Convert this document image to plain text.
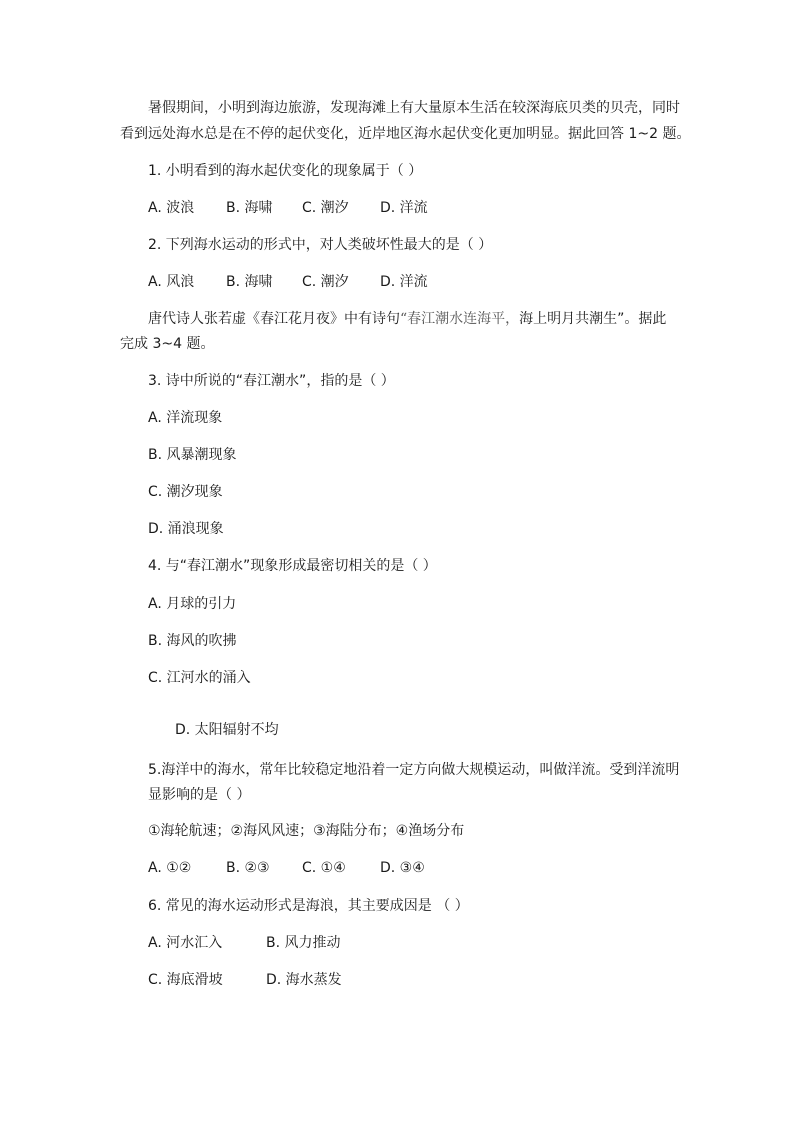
暑假期间，小明到海边旅游，发现海滩上有大量原本生活在较深海底贝类的贝壳，同时
看到远处海水总是在不停的起伏变化，近岸地区海水起伏变化更加明显。据此回答 1~2 题。
1. 小明看到的海水起伏变化的现象属于（ ）
A. 波浪 B. 海啸 C. 潮汐 D. 洋流
2. 下列海水运动的形式中，对人类破坏性最大的是（ ）
A. 风浪 B. 海啸 C. 潮汐 D. 洋流
唐代诗人张若虚《春江花月夜》中有诗句“春江潮水连海平，海上明月共潮生”。据此
完成 3~4 题。
3. 诗中所说的“春江潮水”，指的是（ ）
A. 洋流现象
B. 风暴潮现象
C. 潮汐现象
D. 涌浪现象
4. 与“春江潮水”现象形成最密切相关的是（ ）
A. 月球的引力
B. 海风的吹拂
C. 江河水的涌入
D. 太阳辐射不均
5.海洋中的海水，常年比较稳定地沿着一定方向做大规模运动，叫做洋流。受到洋流明
显影响的是（ ）
①海轮航速；②海风风速；③海陆分布；④渔场分布
A. ①② B. ②③ C. ①④ D. ③④
6. 常见的海水运动形式是海浪，其主要成因是 （ ）
A. 河水汇入	B. 风力推动
C. 海底滑坡	D. 海水蒸发
